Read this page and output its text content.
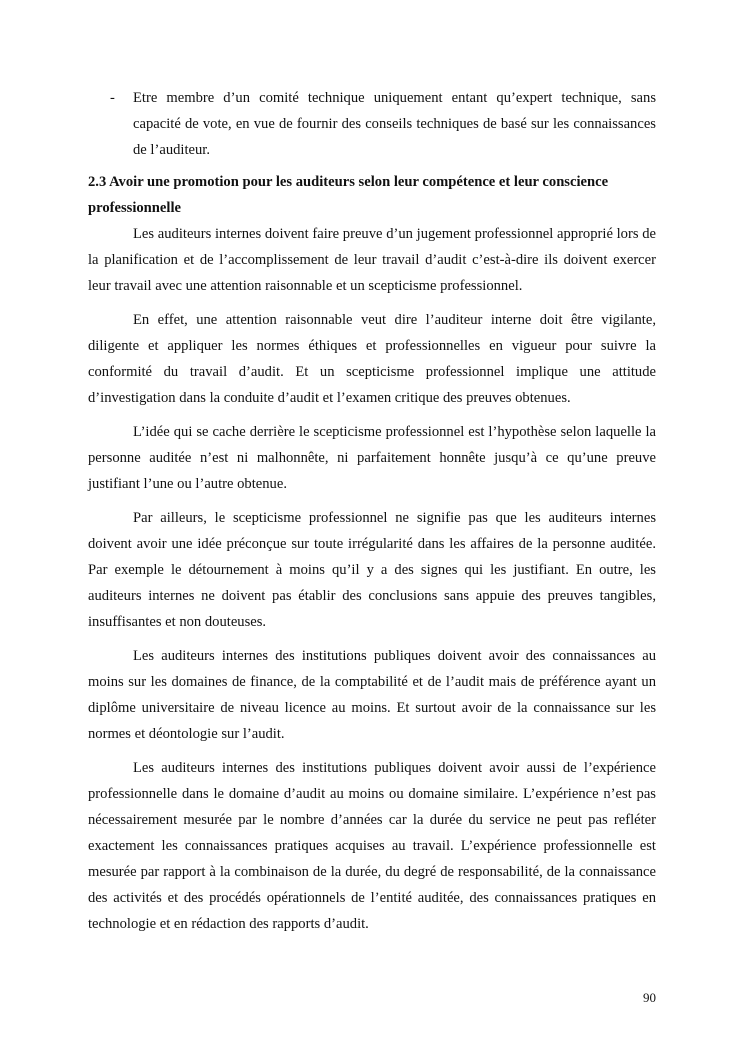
- Etre membre d’un comité technique uniquement entant qu’expert technique, sans capacité de vote, en vue de fournir des conseils techniques de basé sur les connaissances de l’auditeur.
2.3 Avoir une promotion pour les auditeurs selon leur compétence et leur conscience professionnelle

Les auditeurs internes doivent faire preuve d’un jugement professionnel approprié lors de la planification et de l’accomplissement de leur travail d’audit c’est-à-dire ils doivent exercer leur travail avec une attention raisonnable et un scepticisme professionnel.

En effet, une attention raisonnable veut dire l’auditeur interne doit être vigilante, diligente et appliquer les normes éthiques et professionnelles en vigueur pour suivre la conformité du travail d’audit. Et un scepticisme professionnel implique une attitude d’investigation dans la conduite d’audit et l’examen critique des preuves obtenues.

L’idée qui se cache derrière le scepticisme professionnel est l’hypothèse selon laquelle la personne auditée n’est ni malhonnête, ni parfaitement honnête jusqu’à ce qu’une preuve justifiant l’une ou l’autre obtenue.

Par ailleurs, le scepticisme professionnel ne signifie pas que les auditeurs internes doivent avoir une idée préconçue sur toute irrégularité dans les affaires de la personne auditée. Par exemple le détournement à moins qu’il y a des signes qui les justifiant. En outre, les auditeurs internes ne doivent pas établir des conclusions sans appuie des preuves tangibles, insuffisantes et non douteuses.

Les auditeurs internes des institutions publiques doivent avoir des connaissances au moins sur les domaines de finance, de la comptabilité et de l’audit mais de préférence ayant un diplôme universitaire de niveau licence au moins. Et surtout avoir de la connaissance sur les normes et déontologie sur l’audit.

Les auditeurs internes des institutions publiques doivent avoir aussi de l’expérience professionnelle dans le domaine d’audit au moins ou domaine similaire. L’expérience n’est pas nécessairement mesurée par le nombre d’années car la durée du service ne peut pas refléter exactement les connaissances pratiques acquises au travail. L’expérience professionnelle est mesurée par rapport à la combinaison de la durée, du degré de responsabilité, de la connaissance des activités et des procédés opérationnels de l’entité auditée, des connaissances pratiques en technologie et en rédaction des rapports d’audit.

90
